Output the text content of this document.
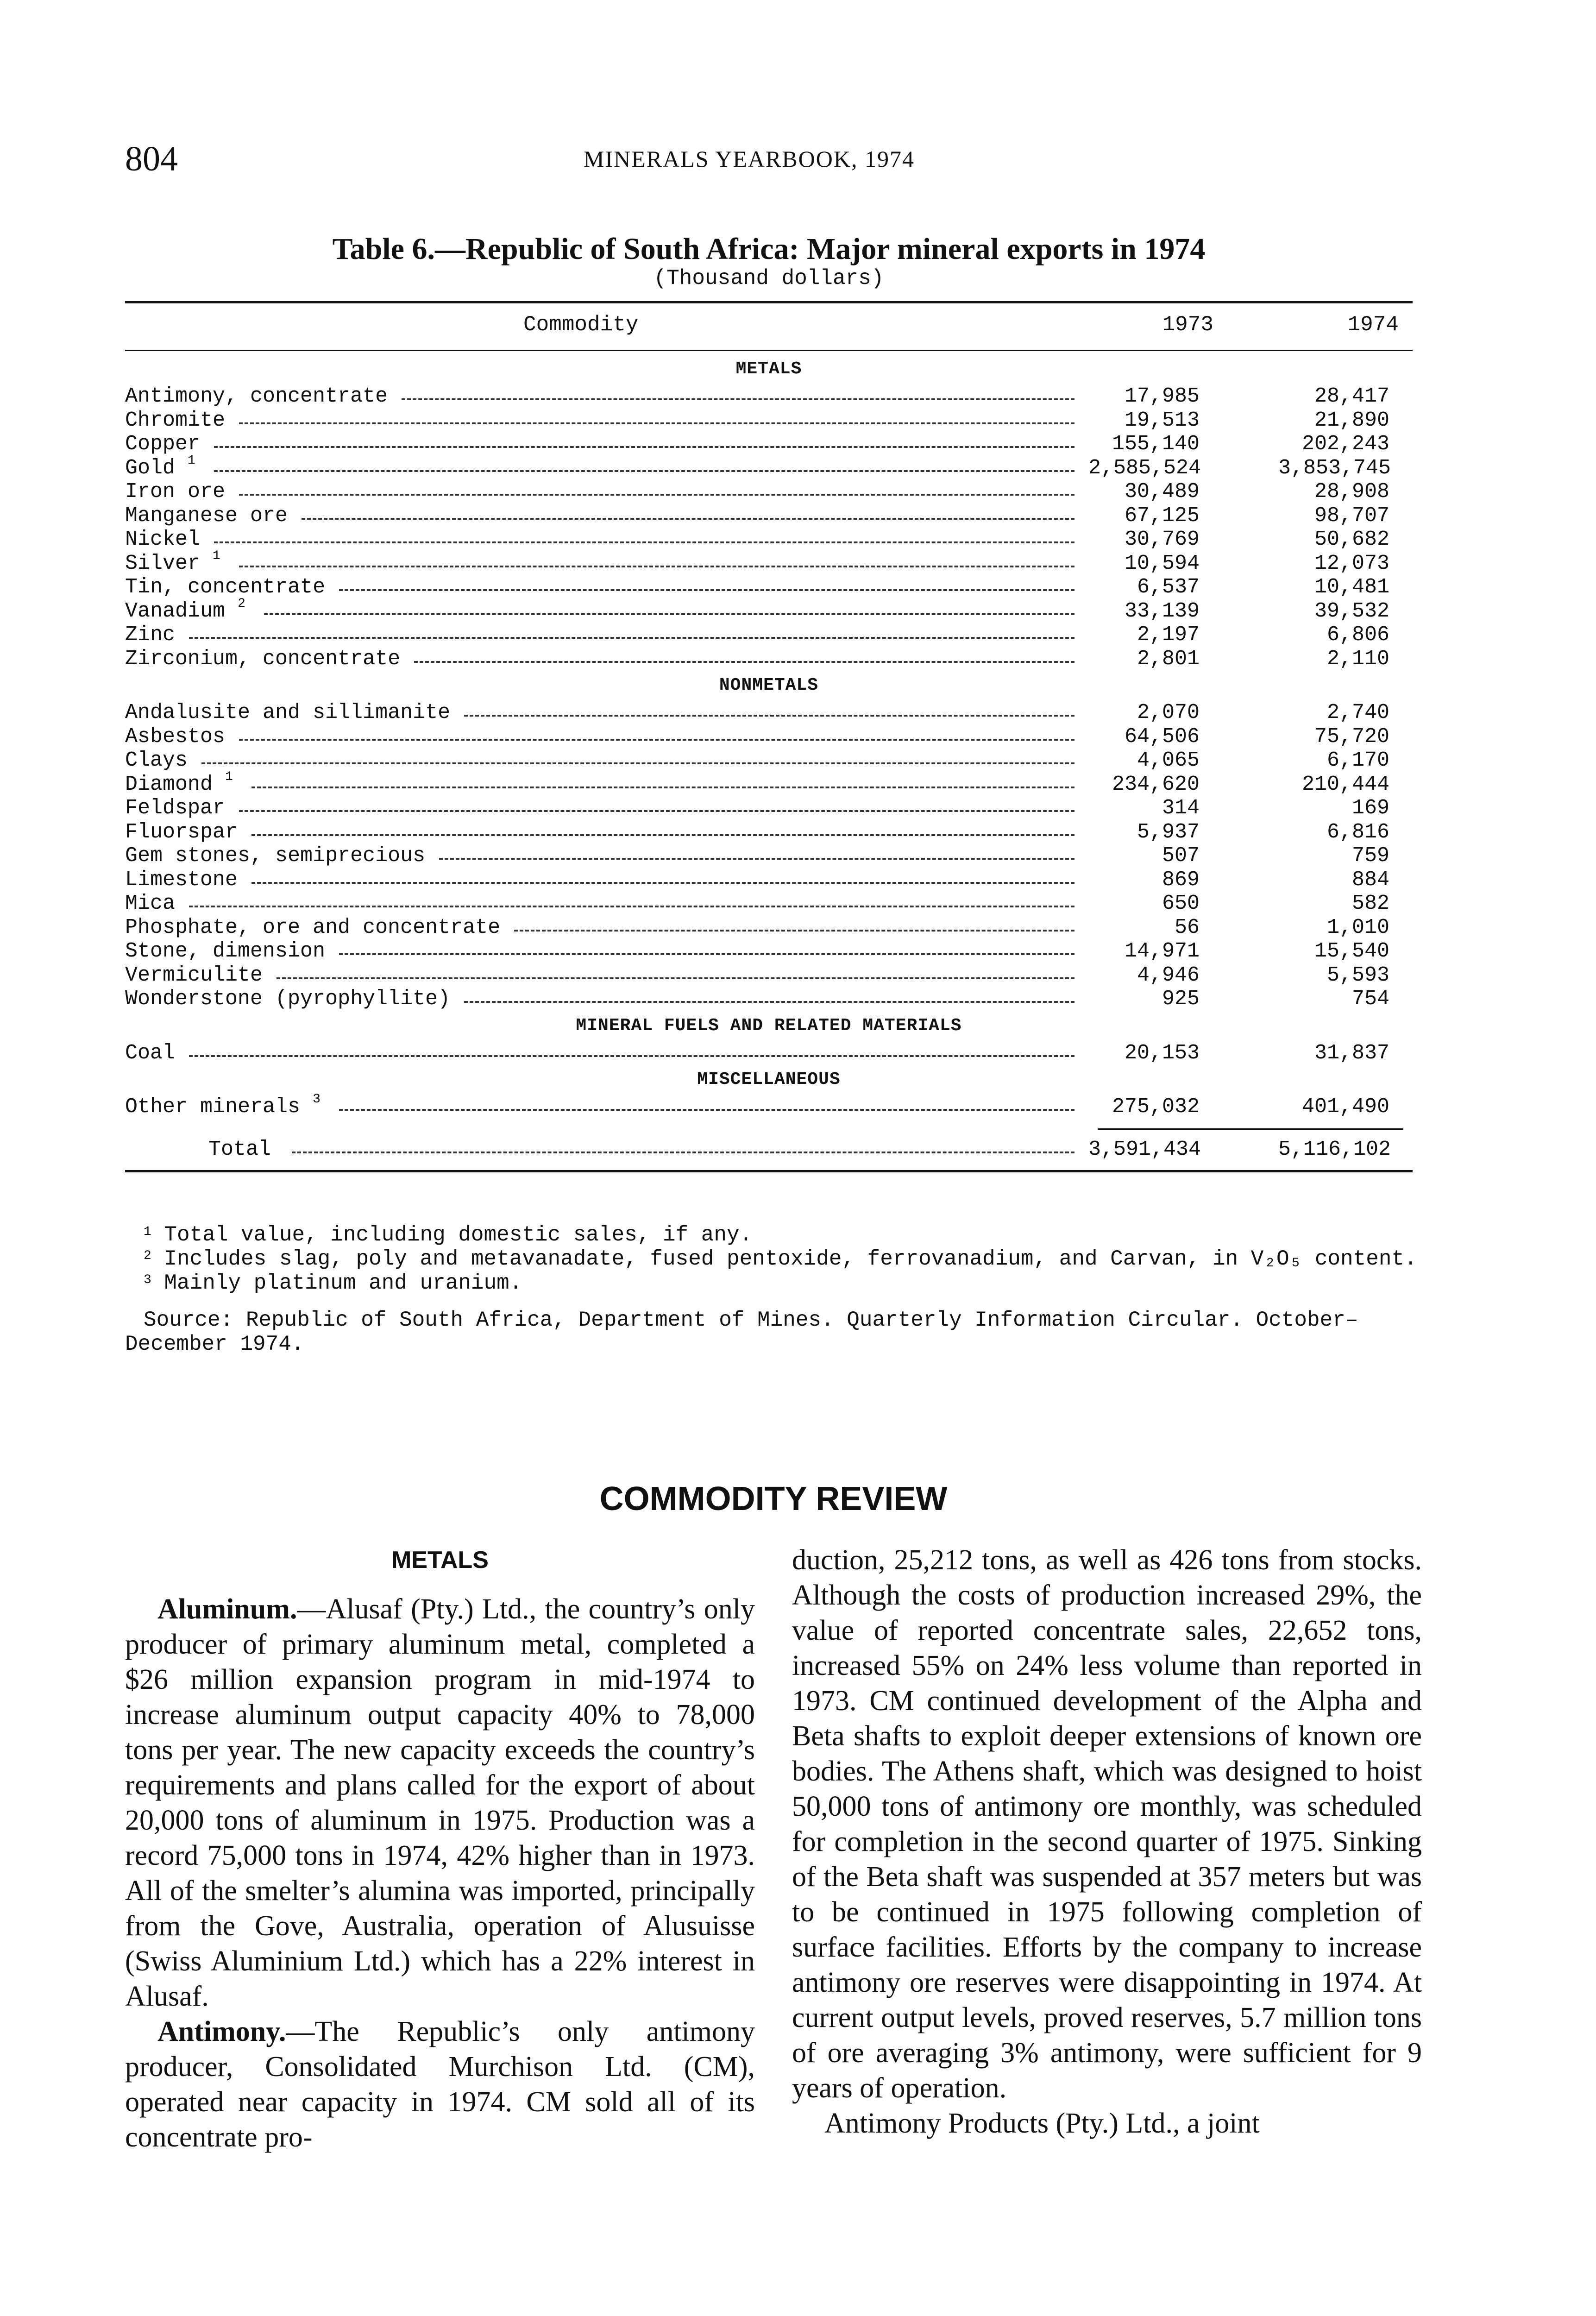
804	MINERALS YEARBOOK, 1974
Table 6.—Republic of South Africa: Major mineral exports in 1974
(Thousand dollars)
Commodity	1973	1974
METALS
Antimony, concentrate	17,985	28,417
Chromite	19,513	21,890
Copper	155,140	202,243
Gold $^1$	2,585,524	3,853,745
Iron ore	30,489	28,908
Manganese ore	67,125	98,707
Nickel	30,769	50,682
Silver $^1$	10,594	12,073
Tin, concentrate	6,537	10,481
Vanadium $^2$	33,139	39,532
Zinc	2,197	6,806
Zirconium, concentrate	2,801	2,110
NONMETALS
Andalusite and sillimanite	2,070	2,740
Asbestos	64,506	75,720
Clays	4,065	6,170
Diamond $^1$	234,620	210,444
Feldspar	314	169
Fluorspar	5,937	6,816
Gem stones, semiprecious	507	759
Limestone	869	884
Mica	650	582
Phosphate, ore and concentrate	56	1,010
Stone, dimension	14,971	15,540
Vermiculite	4,946	5,593
Wonderstone (pyrophyllite)	925	754
MINERAL FUELS AND RELATED MATERIALS
Coal	20,153	31,837
MISCELLANEOUS
Other minerals $^3$	275,032	401,490
Total	3,591,434	5,116,102

$^1$ Total value, including domestic sales, if any.

$^2$ Includes slag, poly and metavanadate, fused pentoxide, ferrovanadium, and Carvan, in V₂O₅ content.

$^3$ Mainly platinum and uranium.

Source: Republic of South Africa, Department of Mines. Quarterly Information Circular. October–December 1974.

COMMODITY REVIEW
METALS

Aluminum.—Alusaf (Pty.) Ltd., the country’s only producer of primary aluminum metal, completed a $26 million expansion program in mid-1974 to increase aluminum output capacity 40% to 78,000 tons per year. The new capacity exceeds the country’s requirements and plans called for the export of about 20,000 tons of aluminum in 1975. Production was a record 75,000 tons in 1974, 42% higher than in 1973. All of the smelter’s alumina was imported, principally from the Gove, Australia, operation of Alusuisse (Swiss Aluminium Ltd.) which has a 22% interest in Alusaf.

Antimony.—The Republic’s only antimony producer, Consolidated Murchison Ltd. (CM), operated near capacity in 1974. CM sold all of its concentrate pro-

duction, 25,212 tons, as well as 426 tons from stocks. Although the costs of production increased 29%, the value of reported concentrate sales, 22,652 tons, increased 55% on 24% less volume than reported in 1973. CM continued development of the Alpha and Beta shafts to exploit deeper extensions of known ore bodies. The Athens shaft, which was designed to hoist 50,000 tons of antimony ore monthly, was scheduled for completion in the second quarter of 1975. Sinking of the Beta shaft was suspended at 357 meters but was to be continued in 1975 following completion of surface facilities. Efforts by the company to increase antimony ore reserves were disappointing in 1974. At current output levels, proved reserves, 5.7 million tons of ore averaging 3% antimony, were sufficient for 9 years of operation.

Antimony Products (Pty.) Ltd., a joint
